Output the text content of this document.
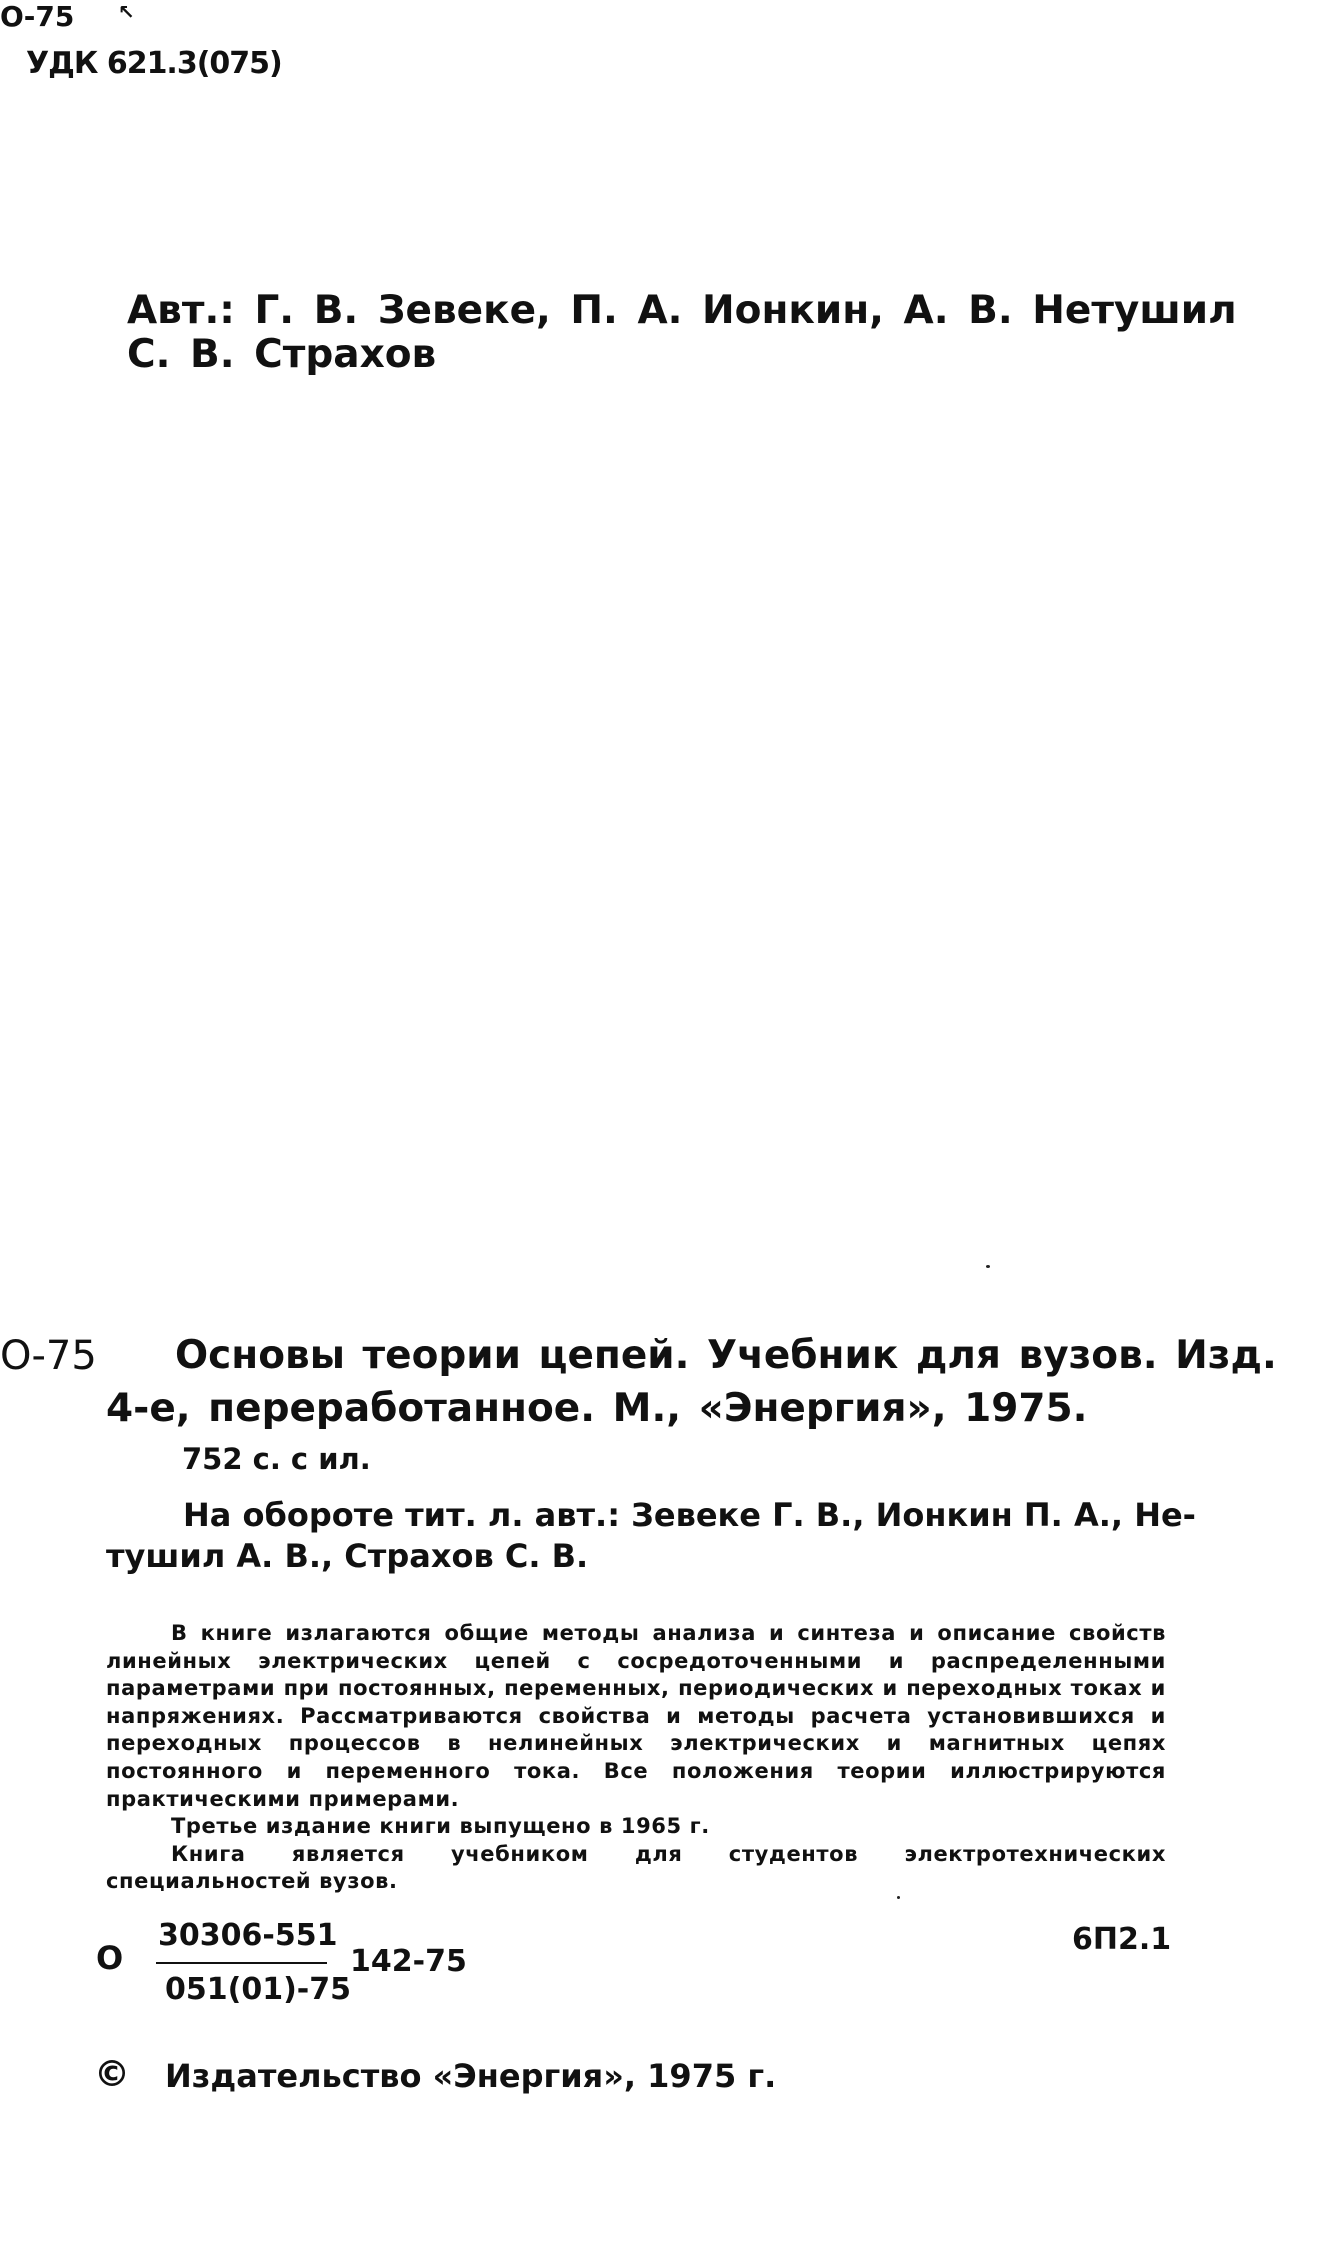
О-75 ↖
УДК 621.3(075)
Авт.: Г. В. Зевеке, П. А. Ионкин, А. В. Нетушил
С. В. Страхов
О-75 Основы теории цепей. Учебник для вузов. Изд.
4-е, переработанное. М., «Энергия», 1975.
752 с. с ил.
На обороте тит. л. авт.: Зевеке Г. В., Ионкин П. А., Не-
тушил А. В., Страхов С. В.

В книге излагаются общие методы анализа и синтеза и описание свойств линейных электрических цепей с сосредоточенными и распределенными параметрами при постоянных, переменных, периодических и переходных токах и напряжениях. Рассматриваются свойства и методы расчета установившихся и переходных процессов в нелинейных электрических и магнитных цепях постоянного и переменного тока. Все положения теории иллюстрируются практическими примерами.

Третье издание книги выпущено в 1965 г.

Книга является учебником для студентов электротехнических специальностей вузов.

О
30306-551
051(01)-75
142-75
6П2.1
© Издательство «Энергия», 1975 г.
